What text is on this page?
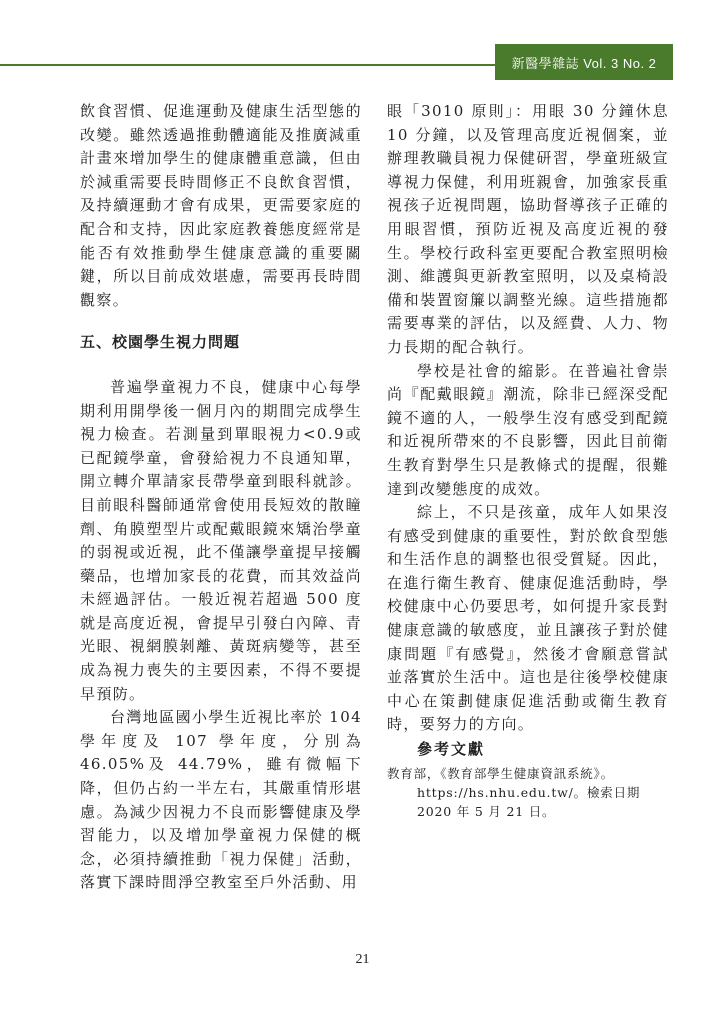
新醫學雜誌 Vol. 3 No. 2

飲食習慣、促進運動及健康生活型態的改變。雖然透過推動體適能及推廣減重計畫來增加學生的健康體重意識，但由於減重需要長時間修正不良飲食習慣，及持續運動才會有成果，更需要家庭的配合和支持，因此家庭教養態度經常是能否有效推動學生健康意識的重要關鍵，所以目前成效堪慮，需要再長時間觀察。

五、校園學生視力問題

普遍學童視力不良，健康中心每學期利用開學後一個月內的期間完成學生視力檢查。若測量到單眼視力<0.9或已配鏡學童，會發給視力不良通知單，開立轉介單請家長帶學童到眼科就診。目前眼科醫師通常會使用長短效的散瞳劑、角膜塑型片或配戴眼鏡來矯治學童的弱視或近視，此不僅讓學童提早接觸藥品，也增加家長的花費，而其效益尚未經過評估。一般近視若超過 500 度就是高度近視，會提早引發白內障、青光眼、視網膜剝離、黃斑病變等，甚至成為視力喪失的主要因素，不得不要提早預防。

台灣地區國小學生近視比率於 104 學年度及 107 學年度，分別為 46.05%及 44.79%，雖有微幅下降，但仍占約一半左右，其嚴重情形堪慮。為減少因視力不良而影響健康及學習能力，以及增加學童視力保健的概念，必須持續推動「視力保健」活動，落實下課時間淨空教室至戶外活動、用

眼「3010 原則」：用眼 30 分鐘休息 10 分鐘，以及管理高度近視個案，並辦理教職員視力保健研習，學童班級宣導視力保健，利用班親會，加強家長重視孩子近視問題，協助督導孩子正確的用眼習慣，預防近視及高度近視的發生。學校行政科室更要配合教室照明檢測、維護與更新教室照明，以及桌椅設備和裝置窗簾以調整光線。這些措施都需要專業的評估，以及經費、人力、物力長期的配合執行。

學校是社會的縮影。在普遍社會崇尚『配戴眼鏡』潮流，除非已經深受配鏡不適的人，一般學生沒有感受到配鏡和近視所帶來的不良影響，因此目前衛生教育對學生只是教條式的提醒，很難達到改變態度的成效。

綜上，不只是孩童，成年人如果沒有感受到健康的重要性，對於飲食型態和生活作息的調整也很受質疑。因此，在進行衛生教育、健康促進活動時，學校健康中心仍要思考，如何提升家長對健康意識的敏感度，並且讓孩子對於健康問題『有感覺』，然後才會願意嘗試並落實於生活中。這也是往後學校健康中心在策劃健康促進活動或衛生教育時，要努力的方向。

參考文獻

教育部，《教育部學生健康資訊系統》。https://hs.nhu.edu.tw/。檢索日期 2020 年 5 月 21 日。

21
